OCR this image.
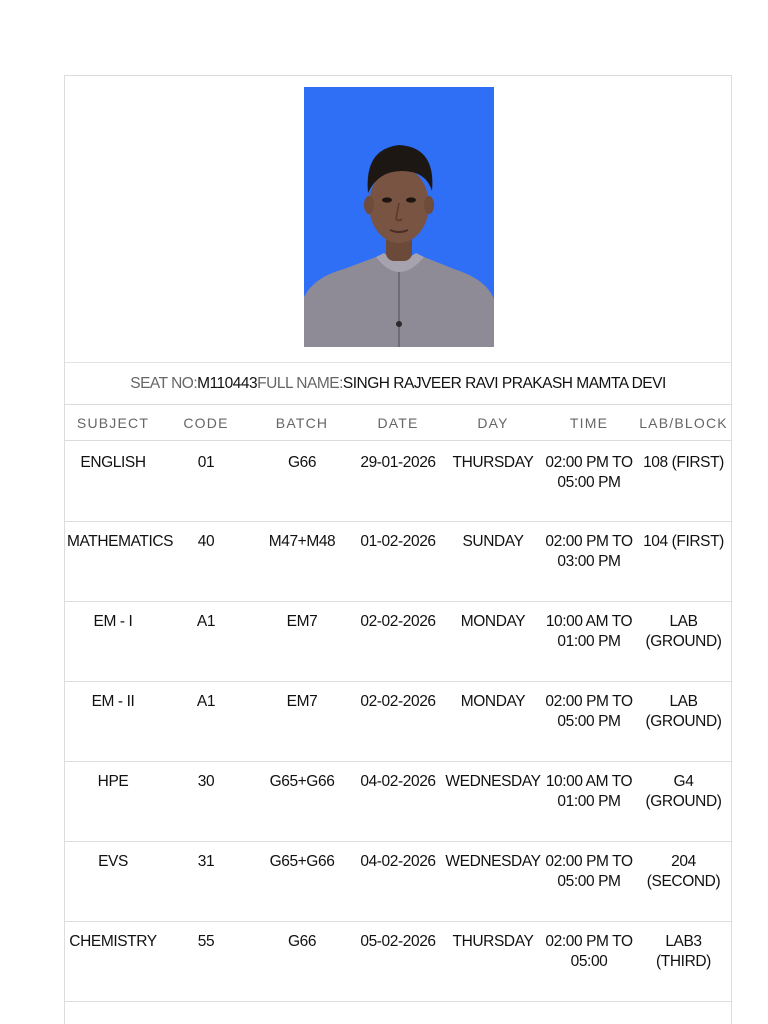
SEAT NO: M110443 FULL NAME: SINGH RAJVEER RAVI PRAKASH MAMTA DEVI
SUBJECT	CODE	BATCH	DATE	DAY	TIME	LAB/BLOCK
ENGLISH	01	G66	29-01-2026	THURSDAY	02:00 PM TO 05:00 PM	108 (FIRST)
MATHEMATICS	40	M47+M48	01-02-2026	SUNDAY	02:00 PM TO 03:00 PM	104 (FIRST)
EM - I	A1	EM7	02-02-2026	MONDAY	10:00 AM TO 01:00 PM	LAB (GROUND)
EM - II	A1	EM7	02-02-2026	MONDAY	02:00 PM TO 05:00 PM	LAB (GROUND)
HPE	30	G65+G66	04-02-2026	WEDNESDAY	10:00 AM TO 01:00 PM	G4 (GROUND)
EVS	31	G65+G66	04-02-2026	WEDNESDAY	02:00 PM TO 05:00 PM	204 (SECOND)
CHEMISTRY	55	G66	05-02-2026	THURSDAY	02:00 PM TO 05:00	LAB3 (THIRD)
